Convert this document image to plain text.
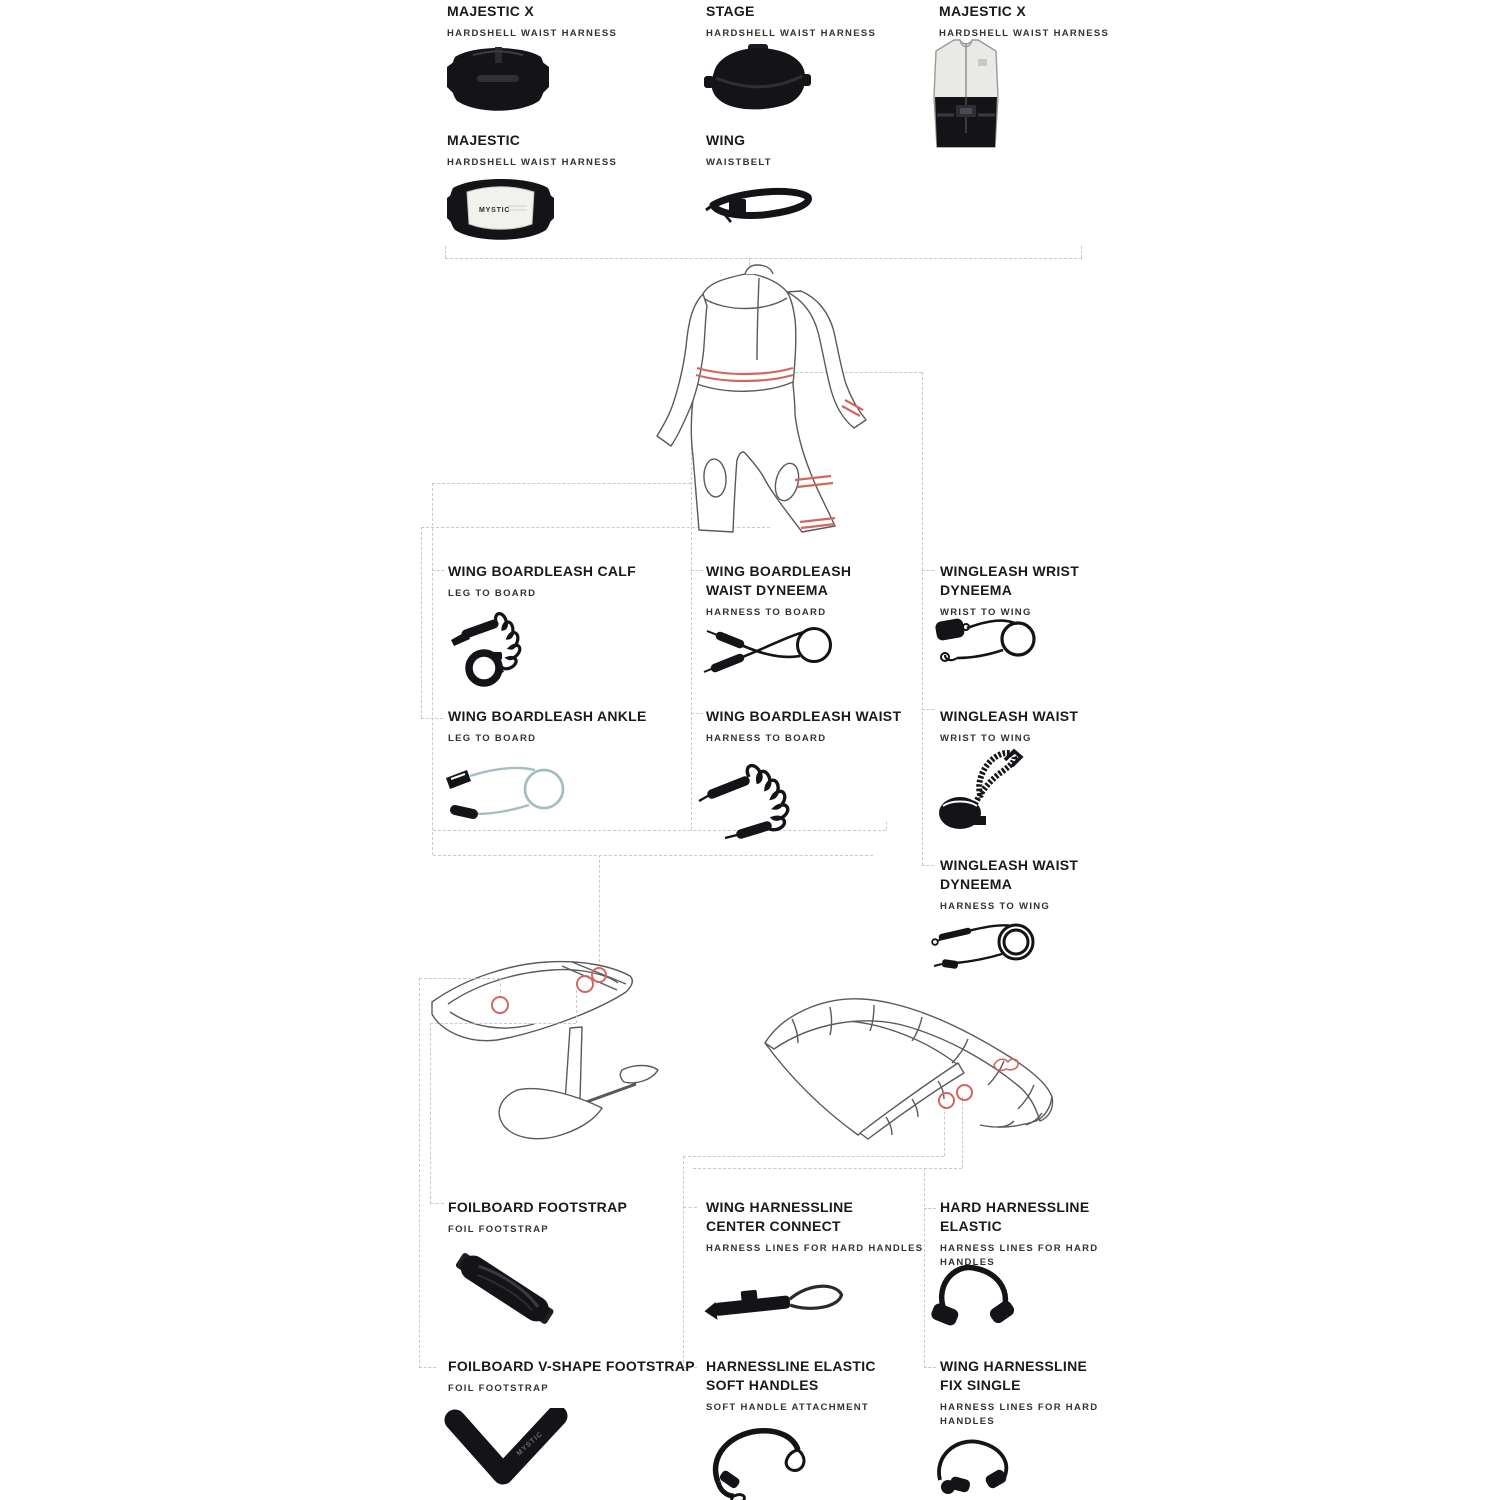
MYSTIC
MYSTIC
MAJESTIC X
HARDSHELL WAIST HARNESS
STAGE
HARDSHELL WAIST HARNESS
MAJESTIC X
HARDSHELL WAIST HARNESS
MAJESTIC
HARDSHELL WAIST HARNESS
WING
WAISTBELT
WING BOARDLEASH CALF
LEG TO BOARD
WING BOARDLEASH WAIST DYNEEMA
HARNESS TO BOARD
WINGLEASH WRIST DYNEEMA
WRIST TO WING
WING BOARDLEASH ANKLE
LEG TO BOARD
WING BOARDLEASH WAIST
HARNESS TO BOARD
WINGLEASH WAIST
WRIST TO WING
WINGLEASH WAIST DYNEEMA
HARNESS TO WING
FOILBOARD FOOTSTRAP
FOIL FOOTSTRAP
WING HARNESSLINE CENTER CONNECT
HARNESS LINES FOR HARD HANDLES
HARD HARNESSLINE ELASTIC
HARNESS LINES FOR HARD HANDLES
FOILBOARD V-SHAPE FOOTSTRAP
FOIL FOOTSTRAP
HARNESSLINE ELASTIC SOFT HANDLES
SOFT HANDLE ATTACHMENT
WING HARNESSLINE FIX SINGLE
HARNESS LINES FOR HARD HANDLES
